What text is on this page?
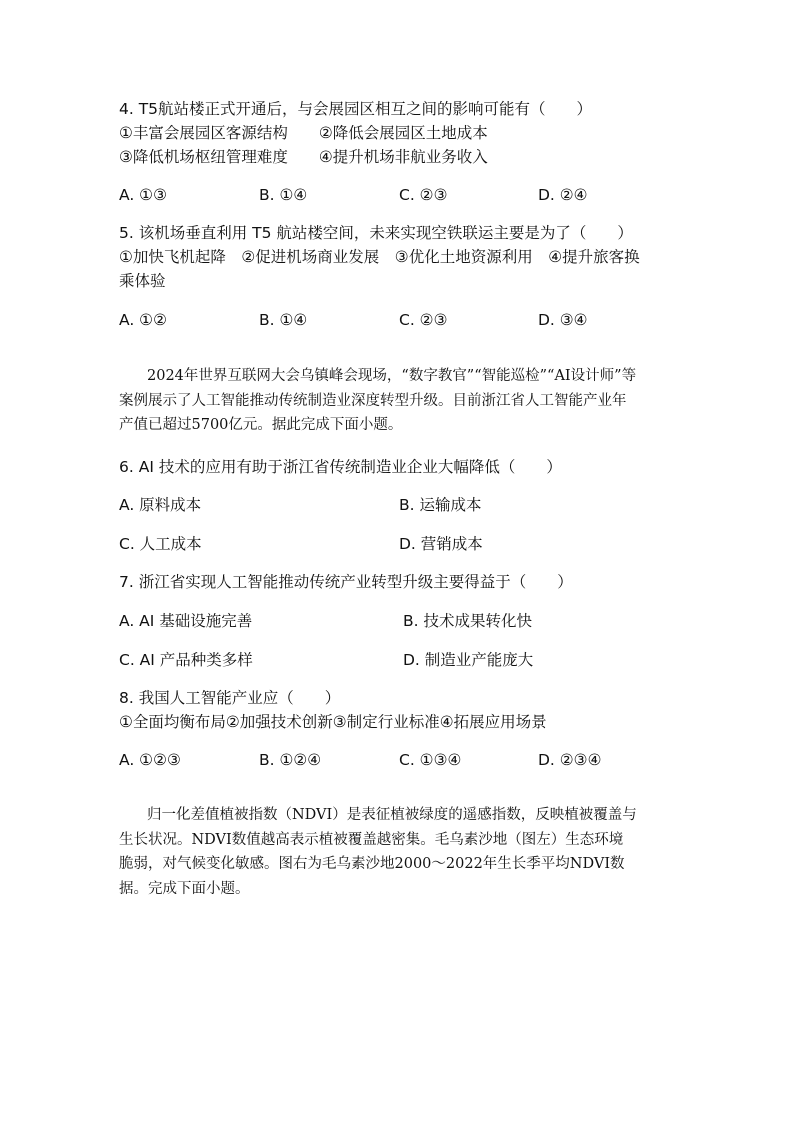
4. T5航站楼正式开通后，与会展园区相互之间的影响可能有（　　）
①丰富会展园区客源结构　　②降低会展园区土地成本
③降低机场枢纽管理难度　　④提升机场非航业务收入
A. ①③	B. ①④	C. ②③	D. ②④
5. 该机场垂直利用 T5 航站楼空间，未来实现空铁联运主要是为了（　　）
①加快飞机起降　②促进机场商业发展　③优化土地资源利用　④提升旅客换
乘体验
A. ①②	B. ①④	C. ②③	D. ③④
2024年世界互联网大会乌镇峰会现场，“数字教官”“智能巡检”“AI设计师”等
案例展示了人工智能推动传统制造业深度转型升级。目前浙江省人工智能产业年
产值已超过5700亿元。据此完成下面小题。
6. AI 技术的应用有助于浙江省传统制造业企业大幅降低（　　）
A. 原料成本	B. 运输成本
C. 人工成本	D. 营销成本
7. 浙江省实现人工智能推动传统产业转型升级主要得益于（　　）
A. AI 基础设施完善	B. 技术成果转化快
C. AI 产品种类多样	D. 制造业产能庞大
8. 我国人工智能产业应（　　）
①全面均衡布局②加强技术创新③制定行业标准④拓展应用场景
A. ①②③	B. ①②④	C. ①③④	D. ②③④
归一化差值植被指数（NDVI）是表征植被绿度的遥感指数，反映植被覆盖与
生长状况。NDVI数值越高表示植被覆盖越密集。毛乌素沙地（图左）生态环境
脆弱，对气候变化敏感。图右为毛乌素沙地2000～2022年生长季平均NDVI数
据。完成下面小题。
